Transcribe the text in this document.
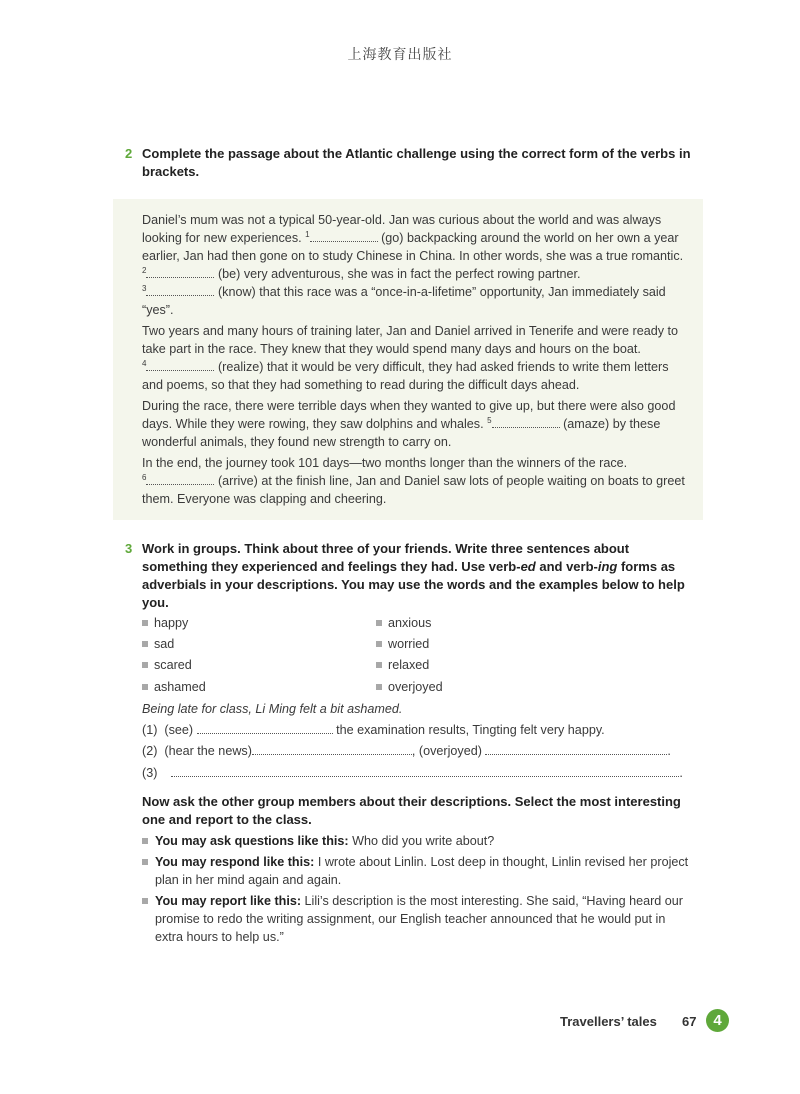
上海教育出版社
2 Complete the passage about the Atlantic challenge using the correct form of the verbs in brackets.

Daniel’s mum was not a typical 50-year-old. Jan was curious about the world and was always looking for new experiences. $^1$	(go) backpacking around the world on her own a year earlier, Jan had then gone on to study Chinese in China. In other words, she was a true romantic. $^2$	(be) very adventurous, she was in fact the perfect rowing partner.
$^3$	(know) that this race was a “once-in-a-lifetime” opportunity, Jan immediately said “yes”.

Two years and many hours of training later, Jan and Daniel arrived in Tenerife and were ready to take part in the race. They knew that they would spend many days and hours on the boat.
$^4$	(realize) that it would be very difficult, they had asked friends to write them letters and poems, so that they had something to read during the difficult days ahead.

During the race, there were terrible days when they wanted to give up, but there were also good days. While they were rowing, they saw dolphins and whales. $^5$	(amaze) by these wonderful animals, they found new strength to carry on.

In the end, the journey took 101 days—two months longer than the winners of the race.
$^6$	(arrive) at the finish line, Jan and Daniel saw lots of people waiting on boats to greet them. Everyone was clapping and cheering.

3 Work in groups. Think about three of your friends. Write three sentences about something they experienced and feelings they had. Use verb-ed and verb-ing forms as adverbials in your descriptions. You may use the words and the examples below to help you.
happy
sad
scared
ashamed
anxious
worried
relaxed
overjoyed
Being late for class, Li Ming felt a bit ashamed.
(1) (see)	the examination results, Tingting felt very happy.
(2) (hear the news)	, (overjoyed)	.
(3)	.
Now ask the other group members about their descriptions. Select the most interesting one and report to the class.
You may ask questions like this: Who did you write about?
You may respond like this: I wrote about Linlin. Lost deep in thought, Linlin revised her project plan in her mind again and again.
You may report like this: Lili’s description is the most interesting. She said, “Having heard our promise to redo the writing assignment, our English teacher announced that he would put in extra hours to help us.”
Travellers’ tales 67	4
